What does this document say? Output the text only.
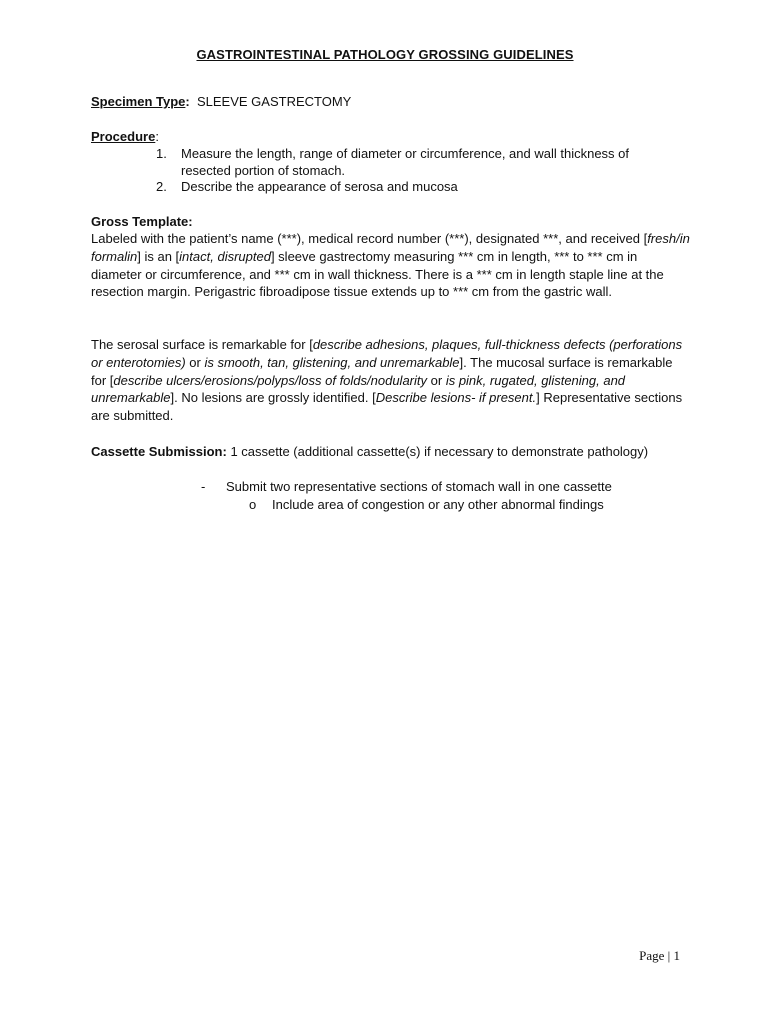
GASTROINTESTINAL PATHOLOGY GROSSING GUIDELINES
Specimen Type: SLEEVE GASTRECTOMY
Procedure:
1.	Measure the length, range of diameter or circumference, and wall thickness of resected portion of stomach.
2.	Describe the appearance of serosa and mucosa
Gross Template:
Labeled with the patient’s name (***), medical record number (***), designated ***, and received [fresh/in formalin] is an [intact, disrupted] sleeve gastrectomy measuring *** cm in length, *** to *** cm in diameter or circumference, and *** cm in wall thickness. There is a *** cm in length staple line at the resection margin. Perigastric fibroadipose tissue extends up to *** cm from the gastric wall.
The serosal surface is remarkable for [describe adhesions, plaques, full-thickness defects (perforations or enterotomies) or is smooth, tan, glistening, and unremarkable]. The mucosal surface is remarkable for [describe ulcers/erosions/polyps/loss of folds/nodularity or is pink, rugated, glistening, and unremarkable]. No lesions are grossly identified. [Describe lesions- if present.] Representative sections are submitted.
Cassette Submission: 1 cassette (additional cassette(s) if necessary to demonstrate pathology)
-	Submit two representative sections of stomach wall in one cassette
o	Include area of congestion or any other abnormal findings
Page | 1
